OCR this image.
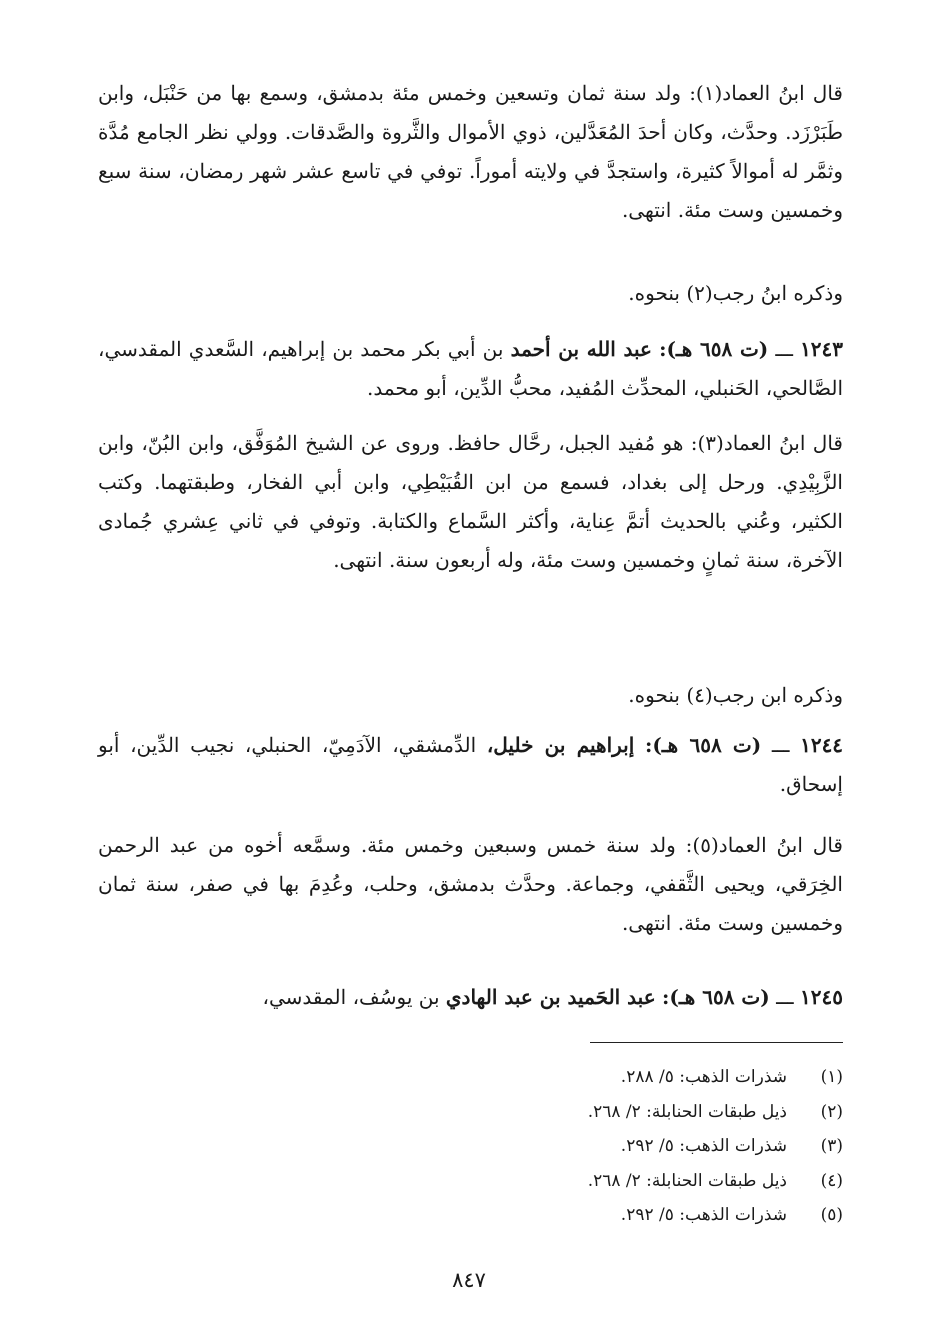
قال ابنُ العماد(١): ولد سنة ثمان وتسعين وخمس مئة بدمشق، وسمع بها من حَنْبَل، وابن طَبَرْزَد. وحدَّث، وكان أحدَ المُعَدَّلين، ذوي الأموال والثَّروة والصَّدقات. وولي نظر الجامع مُدَّة وثمَّر له أموالاً كثيرة، واستجدَّ في ولايته أموراً. توفي في تاسع عشر شهر رمضان، سنة سبع وخمسين وست مئة. انتهى.

وذكره ابنُ رجب(٢) بنحوه.

١٢٤٣ ـــ (ت ٦٥٨ هـ): عبد الله بن أحمد بن أبي بكر محمد بن إبراهيم، السَّعدي المقدسي، الصَّالحي، الحَنبلي، المحدِّث المُفيد، محبُّ الدِّين، أبو محمد.

قال ابنُ العماد(٣): هو مُفيد الجبل، رحَّال حافظ. وروى عن الشيخ المُوَفَّق، وابن البُنّ، وابن الزَّبِيْدِي. ورحل إلى بغداد، فسمع من ابن القُبَيْطِي، وابن أبي الفخار، وطبقتهما. وكتب الكثير، وعُني بالحديث أتمَّ عِناية، وأكثر السَّماع والكتابة. وتوفي في ثاني عِشري جُمادى الآخرة، سنة ثمانٍ وخمسين وست مئة، وله أربعون سنة. انتهى.

وذكره ابن رجب(٤) بنحوه.

١٢٤٤ ـــ (ت ٦٥٨ هـ): إبراهيم بن خليل، الدِّمشقي، الآدَمِيّ، الحنبلي، نجيب الدِّين، أبو إسحاق.

قال ابنُ العماد(٥): ولد سنة خمس وسبعين وخمس مئة. وسمَّعه أخوه من عبد الرحمن الخِرَقي، ويحيى الثَّقفي، وجماعة. وحدَّث بدمشق، وحلب، وعُدِمَ بها في صفر، سنة ثمان وخمسين وست مئة. انتهى.

١٢٤٥ ـــ (ت ٦٥٨ هـ): عبد الحَميد بن عبد الهادي بن يوسُف، المقدسي،

(١)
شذرات الذهب: ٥/ ٢٨٨.
(٢)
ذيل طبقات الحنابلة: ٢/ ٢٦٨.
(٣)
شذرات الذهب: ٥/ ٢٩٢.
(٤)
ذيل طبقات الحنابلة: ٢/ ٢٦٨.
(٥)
شذرات الذهب: ٥/ ٢٩٢.
٨٤٧
